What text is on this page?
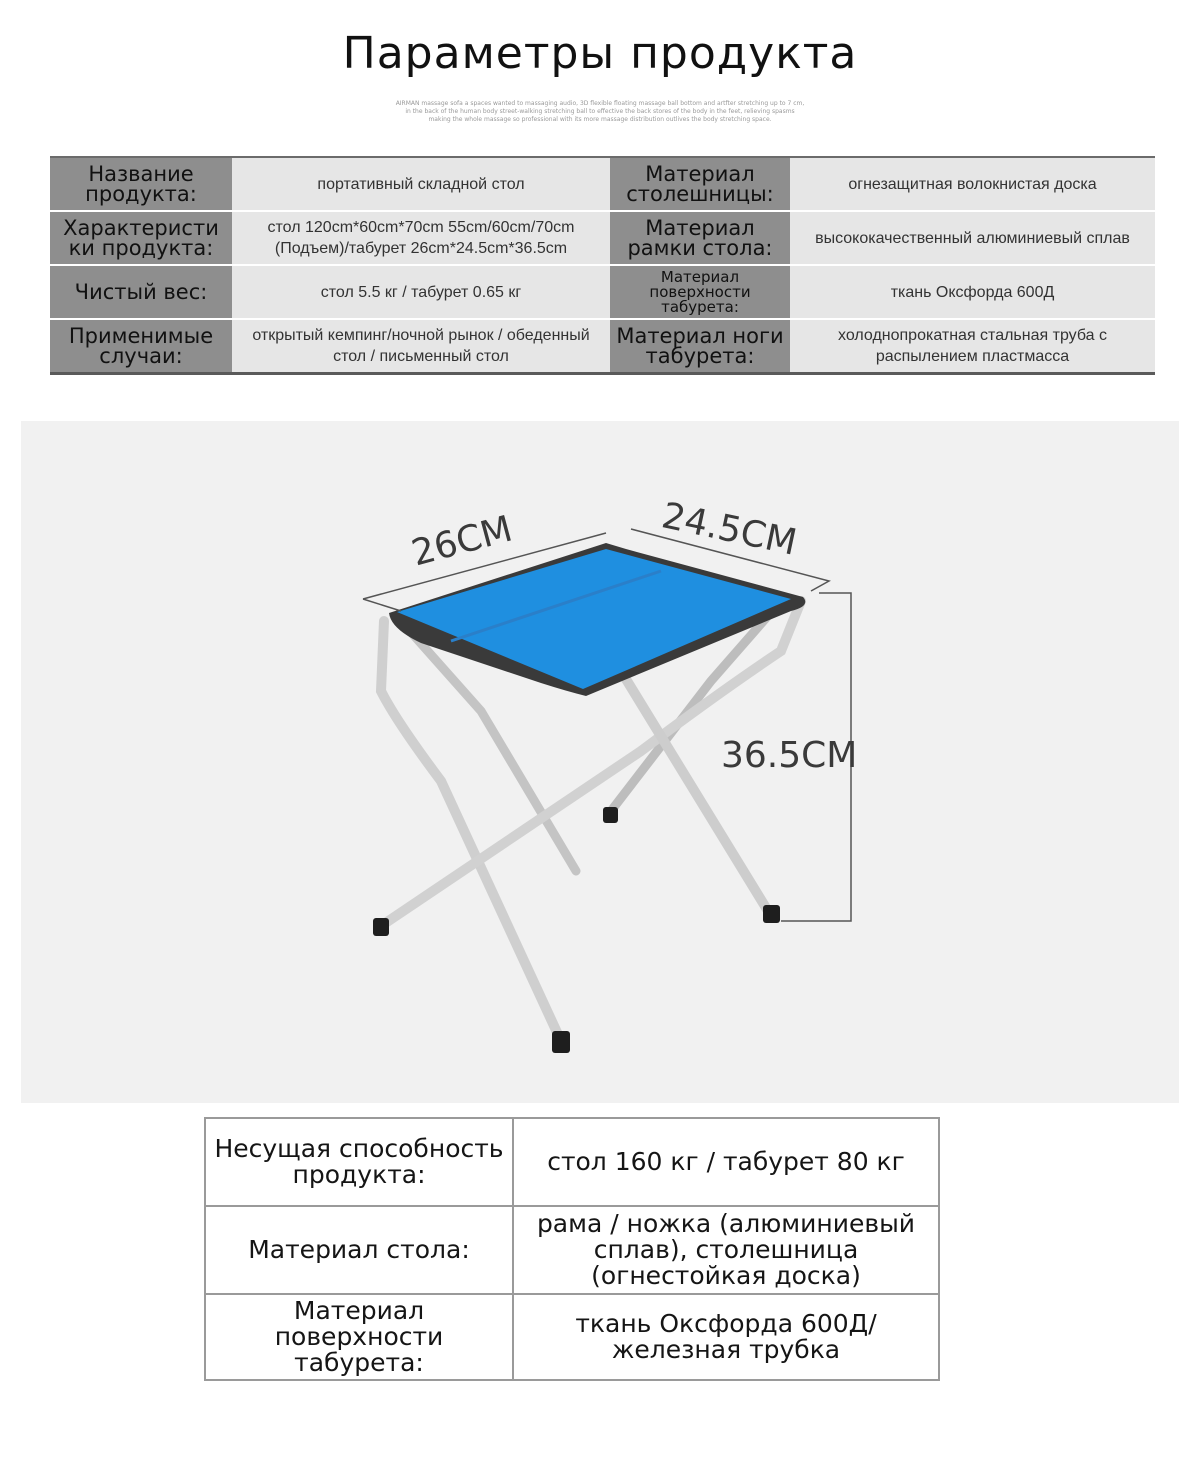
Параметры продукта
AIRMAN massage sofa a spaces wanted to massaging audio, 3D flexible floating massage ball bottom and artfter stretching up to 7 cm,
in the back of the human body street-walking stretching ball to effective the back stores of the body in the feet, relieving spasms
making the whole massage so professional with its more massage distribution outlives the body stretching space.
Название продукта:	портативный складной стол	Материал столешницы:	огнезащитная волокнистая доска
Характеристи ки продукта:	стол 120cm*60cm*70cm 55cm/60cm/70cm (Подъем)/табурет 26cm*24.5cm*36.5cm	Материал рамки стола:	высококачественный алюминиевый сплав
Чистый вес:	стол 5.5 кг / табурет 0.65 кг	Материал поверхности табурета:	ткань Оксфорда 600Д
Применимые случаи:	открытый кемпинг/ночной рынок / обеденный стол / письменный стол	Материал ноги табурета:	холоднопрокатная стальная труба с распылением пластмасса
26CM	24.5CM
36.5CM
Несущая способность продукта:	стол 160 кг / табурет 80 кг
Материал стола:	рама / ножка (алюминиевый сплав), столешница (огнестойкая доска)
Материал поверхности табурета:	ткань Оксфорда 600Д/железная трубка
